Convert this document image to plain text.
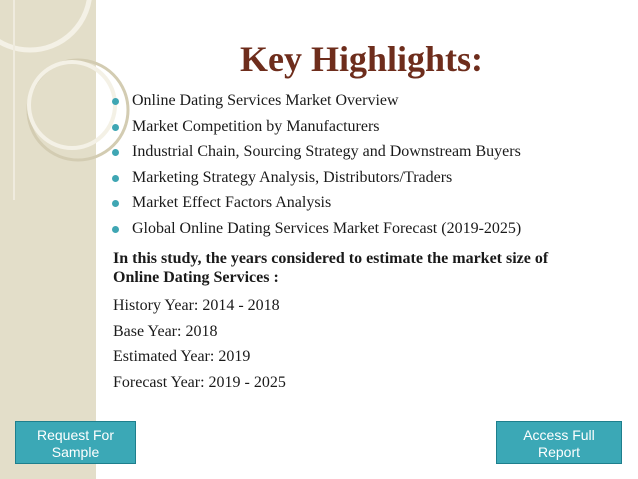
Key Highlights:
Online Dating Services Market Overview
Market Competition by Manufacturers
Industrial Chain, Sourcing Strategy and Downstream Buyers
Marketing Strategy Analysis, Distributors/Traders
Market Effect Factors Analysis
Global Online Dating Services Market Forecast (2019-2025)
In this study, the years considered to estimate the market size of
Online Dating Services :
History Year: 2014 - 2018
Base Year: 2018
Estimated Year: 2019
Forecast Year: 2019 - 2025
Request For
Sample
Access Full
Report
